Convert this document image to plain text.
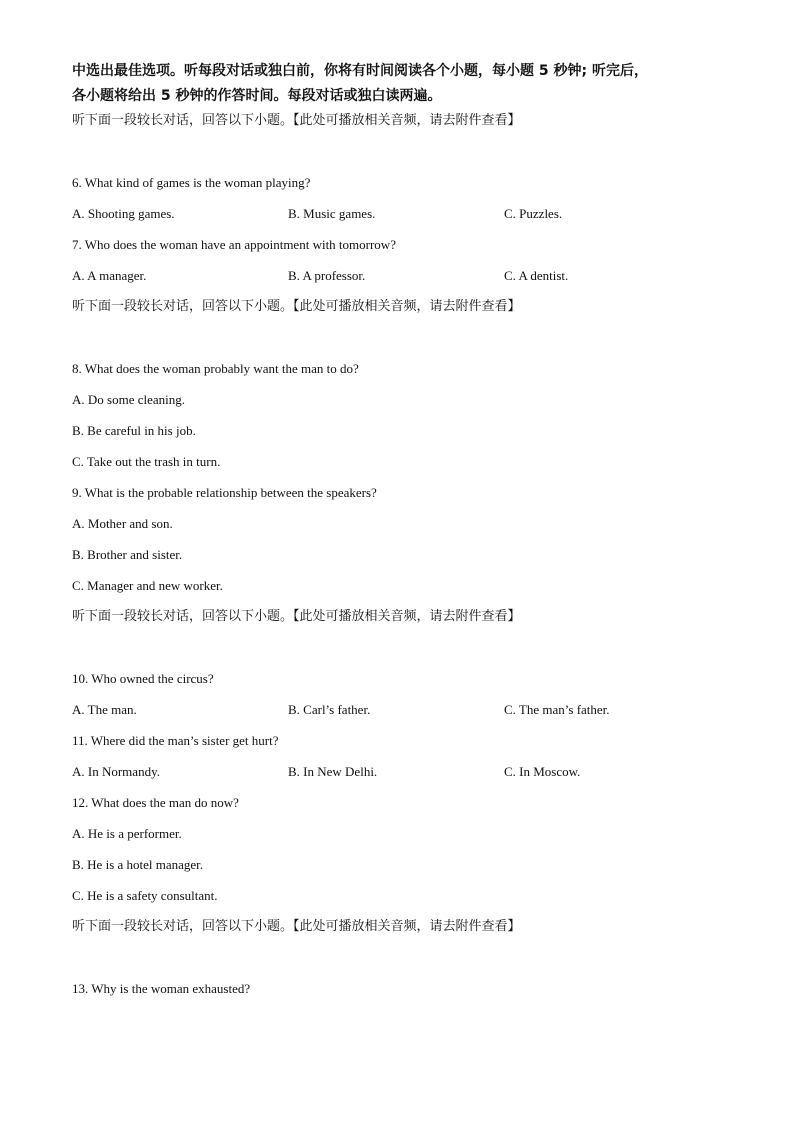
中选出最佳选项。听每段对话或独白前，你将有时间阅读各个小题，每小题 5 秒钟; 听完后，
各小题将给出 5 秒钟的作答时间。每段对话或独白读两遍。
听下面一段较长对话，回答以下小题。【此处可播放相关音频，请去附件查看】
6. What kind of games is the woman playing?
A. Shooting games.	B. Music games.	C. Puzzles.
7. Who does the woman have an appointment with tomorrow?
A. A manager.	B. A professor.	C. A dentist.
听下面一段较长对话，回答以下小题。【此处可播放相关音频，请去附件查看】
8. What does the woman probably want the man to do?
A. Do some cleaning.
B. Be careful in his job.
C. Take out the trash in turn.
9. What is the probable relationship between the speakers?
A. Mother and son.
B. Brother and sister.
C. Manager and new worker.
听下面一段较长对话，回答以下小题。【此处可播放相关音频，请去附件查看】
10. Who owned the circus?
A. The man.	B. Carl’s father.	C. The man’s father.
11. Where did the man’s sister get hurt?
A. In Normandy.	B. In New Delhi.	C. In Moscow.
12. What does the man do now?
A. He is a performer.
B. He is a hotel manager.
C. He is a safety consultant.
听下面一段较长对话，回答以下小题。【此处可播放相关音频，请去附件查看】
13. Why is the woman exhausted?
